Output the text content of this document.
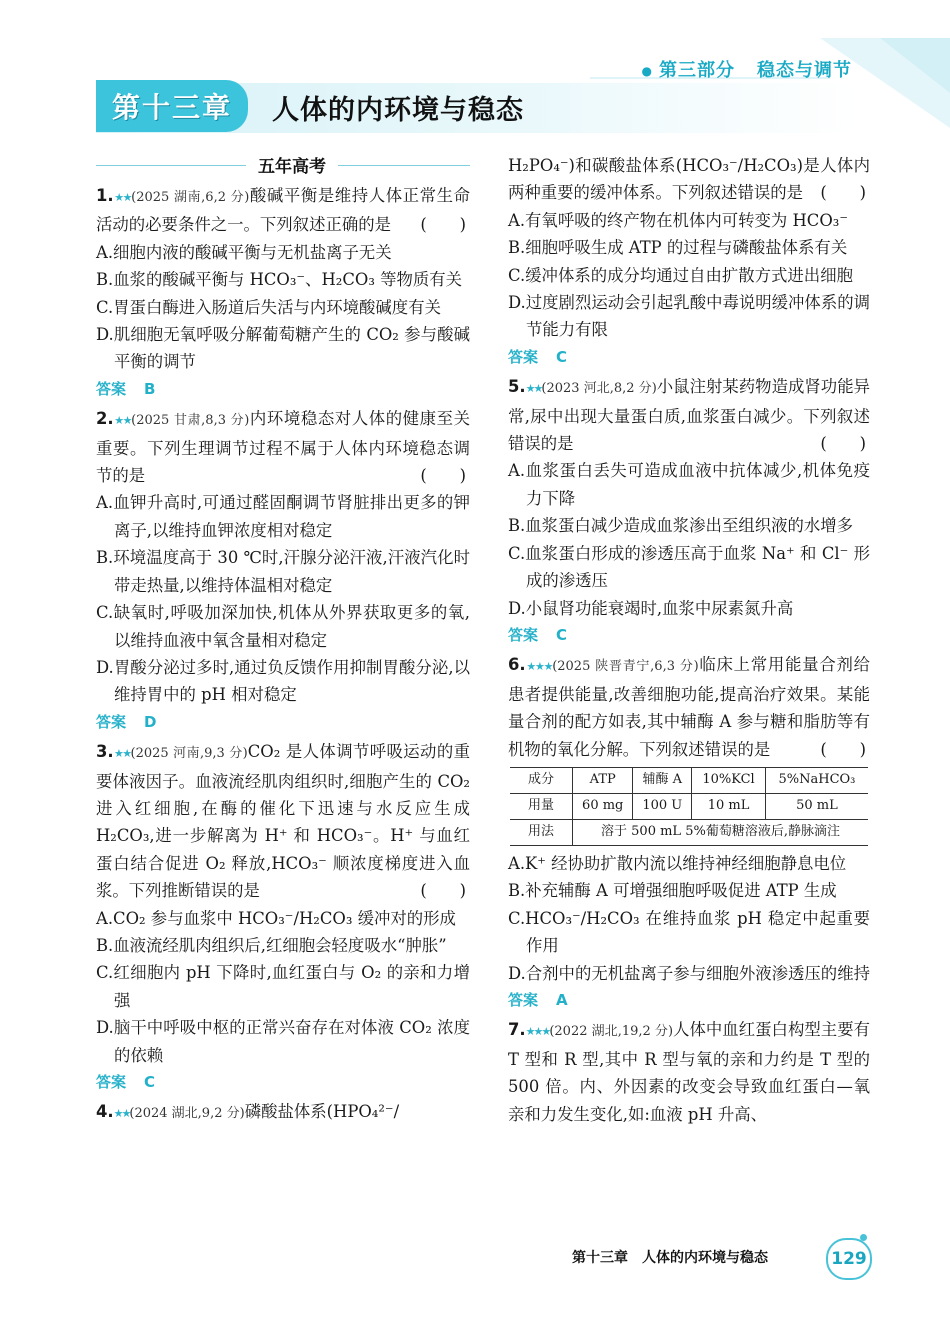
● 第三部分 稳态与调节
第十三章 人体的内环境与稳态
五年高考

1.★★(2025 湖南,6,2 分)酸碱平衡是维持人体正常生命活动的必要条件之一。下列叙述正确的是 (　　)

A.细胞内液的酸碱平衡与无机盐离子无关

B.血浆的酸碱平衡与 HCO₃⁻、H₂CO₃ 等物质有关

C.胃蛋白酶进入肠道后失活与内环境酸碱度有关

D.肌细胞无氧呼吸分解葡萄糖产生的 CO₂ 参与酸碱平衡的调节

答案 B

2.★★(2025 甘肃,8,3 分)内环境稳态对人体的健康至关重要。下列生理调节过程不属于人体内环境稳态调节的是	(　　)

A.血钾升高时,可通过醛固酮调节肾脏排出更多的钾离子,以维持血钾浓度相对稳定

B.环境温度高于 30 ℃时,汗腺分泌汗液,汗液汽化时带走热量,以维持体温相对稳定

C.缺氧时,呼吸加深加快,机体从外界获取更多的氧,以维持血液中氧含量相对稳定

D.胃酸分泌过多时,通过负反馈作用抑制胃酸分泌,以维持胃中的 pH 相对稳定

答案 D

3.★★(2025 河南,9,3 分)CO₂ 是人体调节呼吸运动的重要体液因子。血液流经肌肉组织时,细胞产生的 CO₂ 进入红细胞,在酶的催化下迅速与水反应生成 H₂CO₃,进一步解离为 H⁺ 和 HCO₃⁻。H⁺ 与血红蛋白结合促进 O₂ 释放,HCO₃⁻ 顺浓度梯度进入血浆。下列推断错误的是	(　　)

A.CO₂ 参与血浆中 HCO₃⁻/H₂CO₃ 缓冲对的形成

B.血液流经肌肉组织后,红细胞会轻度吸水“肿胀”

C.红细胞内 pH 下降时,血红蛋白与 O₂ 的亲和力增强

D.脑干中呼吸中枢的正常兴奋存在对体液 CO₂ 浓度的依赖

答案 C

4.★★(2024 湖北,9,2 分)磷酸盐体系(HPO₄²⁻/

H₂PO₄⁻)和碳酸盐体系(HCO₃⁻/H₂CO₃)是人体内两种重要的缓冲体系。下列叙述错误的是 (　　)

A.有氧呼吸的终产物在机体内可转变为 HCO₃⁻

B.细胞呼吸生成 ATP 的过程与磷酸盐体系有关

C.缓冲体系的成分均通过自由扩散方式进出细胞

D.过度剧烈运动会引起乳酸中毒说明缓冲体系的调节能力有限

答案 C

5.★★(2023 河北,8,2 分)小鼠注射某药物造成肾功能异常,尿中出现大量蛋白质,血浆蛋白减少。下列叙述错误的是	(　　)

A.血浆蛋白丢失可造成血液中抗体减少,机体免疫力下降

B.血浆蛋白减少造成血浆渗出至组织液的水增多

C.血浆蛋白形成的渗透压高于血浆 Na⁺ 和 Cl⁻ 形成的渗透压

D.小鼠肾功能衰竭时,血浆中尿素氮升高

答案 C

6.★★★(2025 陕晋青宁,6,3 分)临床上常用能量合剂给患者提供能量,改善细胞功能,提高治疗效果。某能量合剂的配方如表,其中辅酶 A 参与糖和脂肪等有机物的氧化分解。下列叙述错误的是	(　　)

成分	ATP	辅酶 A	10%KCl	5%NaHCO₃
用量	60 mg	100 U	10 mL	50 mL
用法	溶于 500 mL 5%葡萄糖溶液后,静脉滴注			

A.K⁺ 经协助扩散内流以维持神经细胞静息电位

B.补充辅酶 A 可增强细胞呼吸促进 ATP 生成

C.HCO₃⁻/H₂CO₃ 在维持血浆 pH 稳定中起重要作用

D.合剂中的无机盐离子参与细胞外液渗透压的维持

答案 A

7.★★★(2022 湖北,19,2 分)人体中血红蛋白构型主要有 T 型和 R 型,其中 R 型与氧的亲和力约是 T 型的 500 倍。内、外因素的改变会导致血红蛋白—氧亲和力发生变化,如:血液 pH 升高、

第十三章 人体的内环境与稳态	129
